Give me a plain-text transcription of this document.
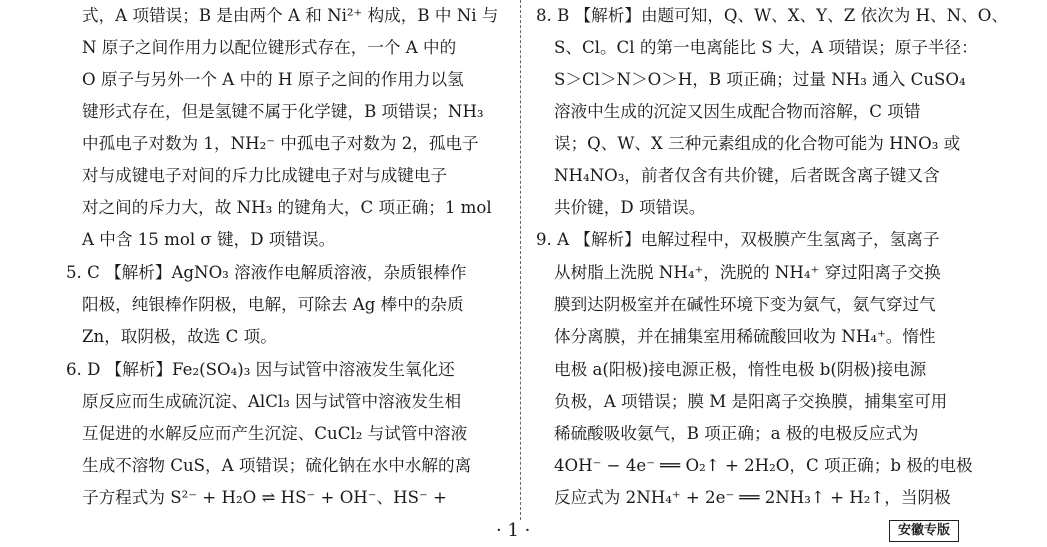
式，A 项错误；B 是由两个 A 和 Ni²⁺ 构成，B 中 Ni 与
N 原子之间作用力以配位键形式存在，一个 A 中的
O 原子与另外一个 A 中的 H 原子之间的作用力以氢
键形式存在，但是氢键不属于化学键，B 项错误；NH₃
中孤电子对数为 1，NH₂⁻ 中孤电子对数为 2，孤电子
对与成键电子对间的斥力比成键电子对与成键电子
对之间的斥力大，故 NH₃ 的键角大，C 项正确；1 mol
A 中含 15 mol σ 键，D 项错误。
5. C 【解析】AgNO₃ 溶液作电解质溶液，杂质银棒作
阳极，纯银棒作阴极，电解，可除去 Ag 棒中的杂质
Zn，取阴极，故选 C 项。
6. D 【解析】Fe₂(SO₄)₃ 因与试管中溶液发生氧化还
原反应而生成硫沉淀、AlCl₃ 因与试管中溶液发生相
互促进的水解反应而产生沉淀、CuCl₂ 与试管中溶液
生成不溶物 CuS，A 项错误；硫化钠在水中水解的离
子方程式为 S²⁻ + H₂O ⇌ HS⁻ + OH⁻、HS⁻ +
8. B 【解析】由题可知，Q、W、X、Y、Z 依次为 H、N、O、
S、Cl。Cl 的第一电离能比 S 大，A 项错误；原子半径：
S＞Cl＞N＞O＞H，B 项正确；过量 NH₃ 通入 CuSO₄
溶液中生成的沉淀又因生成配合物而溶解，C 项错
误；Q、W、X 三种元素组成的化合物可能为 HNO₃ 或
NH₄NO₃，前者仅含有共价键，后者既含离子键又含
共价键，D 项错误。
9. A 【解析】电解过程中，双极膜产生氢离子，氢离子
从树脂上洗脱 NH₄⁺，洗脱的 NH₄⁺ 穿过阳离子交换
膜到达阴极室并在碱性环境下变为氨气，氨气穿过气
体分离膜，并在捕集室用稀硫酸回收为 NH₄⁺。惰性
电极 a(阳极)接电源正极，惰性电极 b(阴极)接电源
负极，A 项错误；膜 M 是阳离子交换膜，捕集室可用
稀硫酸吸收氨气，B 项正确；a 极的电极反应式为
4OH⁻ − 4e⁻ ══ O₂↑ + 2H₂O，C 项正确；b 极的电极
反应式为 2NH₄⁺ + 2e⁻ ══ 2NH₃↑ + H₂↑，当阴极
· 1 ·	安徽专版
